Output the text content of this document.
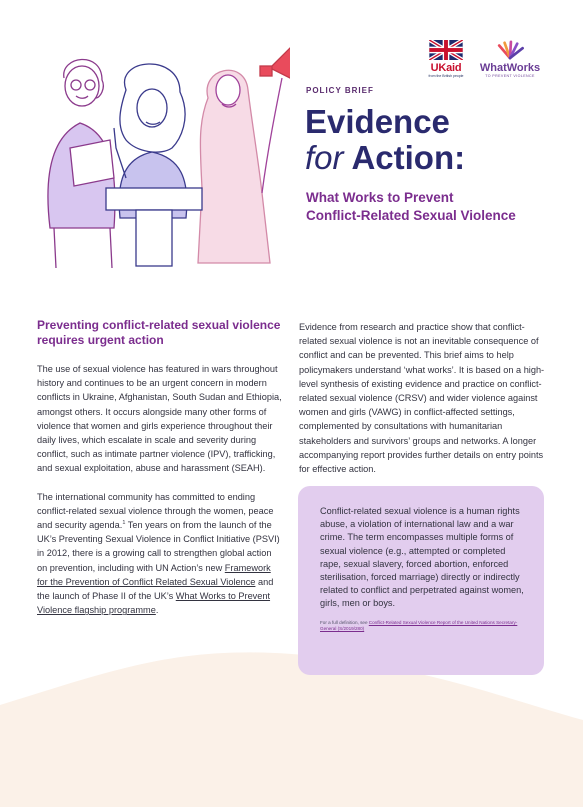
UKaid
from the British people
WhatWorks
TO PREVENT VIOLENCE

POLICY BRIEF

Evidence
for Action:
What Works to Prevent
Conflict-Related Sexual Violence
Preventing conflict-related sexual violence requires urgent action

The use of sexual violence has featured in wars throughout history and continues to be an urgent concern in modern conflicts in Ukraine, Afghanistan, South Sudan and Ethiopia, amongst others. It occurs alongside many other forms of violence that women and girls experience throughout their daily lives, which escalate in scale and severity during conflict, such as intimate partner violence (IPV), trafficking, and sexual exploitation, abuse and harassment (SEAH).

The international community has committed to ending conflict-related sexual violence through the women, peace and security agenda.$^1$ Ten years on from the launch of the UK’s Preventing Sexual Violence in Conflict Initiative (PSVI) in 2012, there is a growing call to strengthen global action on prevention, including with UN Action’s new Framework for the Prevention of Conflict Related Sexual Violence and the launch of Phase II of the UK’s What Works to Prevent Violence flagship programme.

Evidence from research and practice show that conflict-related sexual violence is not an inevitable consequence of conflict and can be prevented. This brief aims to help policymakers understand ‘what works’. It is based on a high-level synthesis of existing evidence and practice on conflict-related sexual violence (CRSV) and wider violence against women and girls (VAWG) in conflict-affected settings, complemented by consultations with humanitarian stakeholders and survivors’ groups and networks. A longer accompanying report provides further details on entry points for effective action.

Conflict-related sexual violence is a human rights abuse, a violation of international law and a war crime. The term encompasses multiple forms of sexual violence (e.g., attempted or completed rape, sexual slavery, forced abortion, enforced sterilisation, forced marriage) directly or indirectly related to conflict and perpetrated against women, girls, men or boys.

For a full definition, see Conflict-Related Sexual Violence Report of the United Nations Secretary-General (S/2019/280)
